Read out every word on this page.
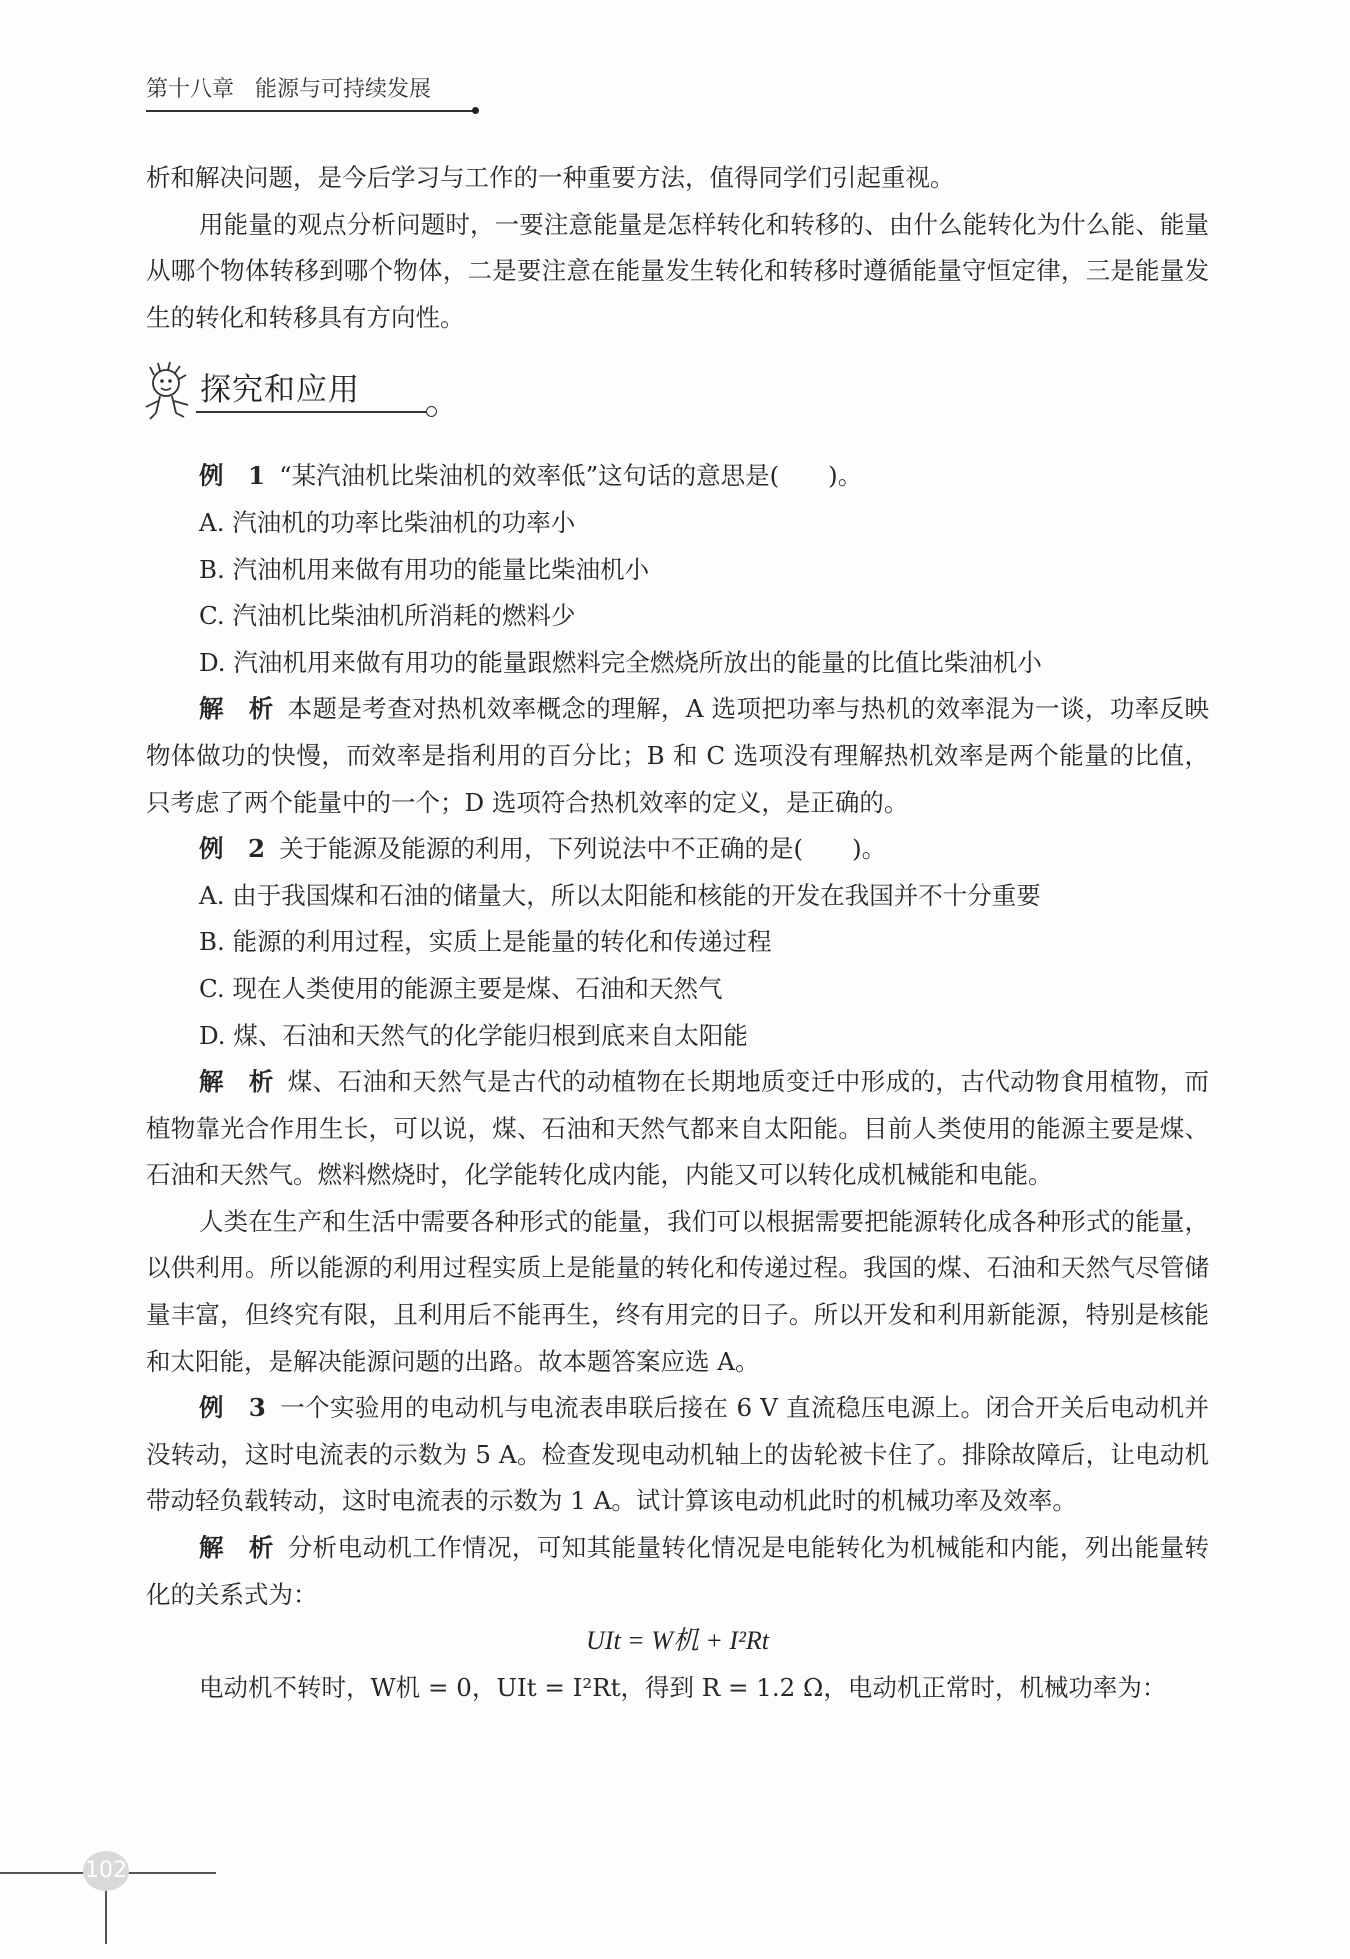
第十八章 能源与可持续发展

析和解决问题，是今后学习与工作的一种重要方法，值得同学们引起重视。

用能量的观点分析问题时，一要注意能量是怎样转化和转移的、由什么能转化为什么能、能量从哪个物体转移到哪个物体，二是要注意在能量发生转化和转移时遵循能量守恒定律，三是能量发生的转化和转移具有方向性。

探究和应用

例　1 “某汽油机比柴油机的效率低”这句话的意思是(　　)。

A. 汽油机的功率比柴油机的功率小

B. 汽油机用来做有用功的能量比柴油机小

C. 汽油机比柴油机所消耗的燃料少

D. 汽油机用来做有用功的能量跟燃料完全燃烧所放出的能量的比值比柴油机小

解　析 本题是考查对热机效率概念的理解，A 选项把功率与热机的效率混为一谈，功率反映物体做功的快慢，而效率是指利用的百分比；B 和 C 选项没有理解热机效率是两个能量的比值，只考虑了两个能量中的一个；D 选项符合热机效率的定义，是正确的。

例　2 关于能源及能源的利用，下列说法中不正确的是(　　)。

A. 由于我国煤和石油的储量大，所以太阳能和核能的开发在我国并不十分重要

B. 能源的利用过程，实质上是能量的转化和传递过程

C. 现在人类使用的能源主要是煤、石油和天然气

D. 煤、石油和天然气的化学能归根到底来自太阳能

解　析 煤、石油和天然气是古代的动植物在长期地质变迁中形成的，古代动物食用植物，而植物靠光合作用生长，可以说，煤、石油和天然气都来自太阳能。目前人类使用的能源主要是煤、石油和天然气。燃料燃烧时，化学能转化成内能，内能又可以转化成机械能和电能。

人类在生产和生活中需要各种形式的能量，我们可以根据需要把能源转化成各种形式的能量，以供利用。所以能源的利用过程实质上是能量的转化和传递过程。我国的煤、石油和天然气尽管储量丰富，但终究有限，且利用后不能再生，终有用完的日子。所以开发和利用新能源，特别是核能和太阳能，是解决能源问题的出路。故本题答案应选 A。

例　3 一个实验用的电动机与电流表串联后接在 6 V 直流稳压电源上。闭合开关后电动机并没转动，这时电流表的示数为 5 A。检查发现电动机轴上的齿轮被卡住了。排除故障后，让电动机带动轻负载转动，这时电流表的示数为 1 A。试计算该电动机此时的机械功率及效率。

解　析 分析电动机工作情况，可知其能量转化情况是电能转化为机械能和内能，列出能量转化的关系式为：

UIt = W机 + I²Rt

电动机不转时，W机 = 0，UIt = I²Rt，得到 R = 1.2 Ω，电动机正常时，机械功率为：

102
